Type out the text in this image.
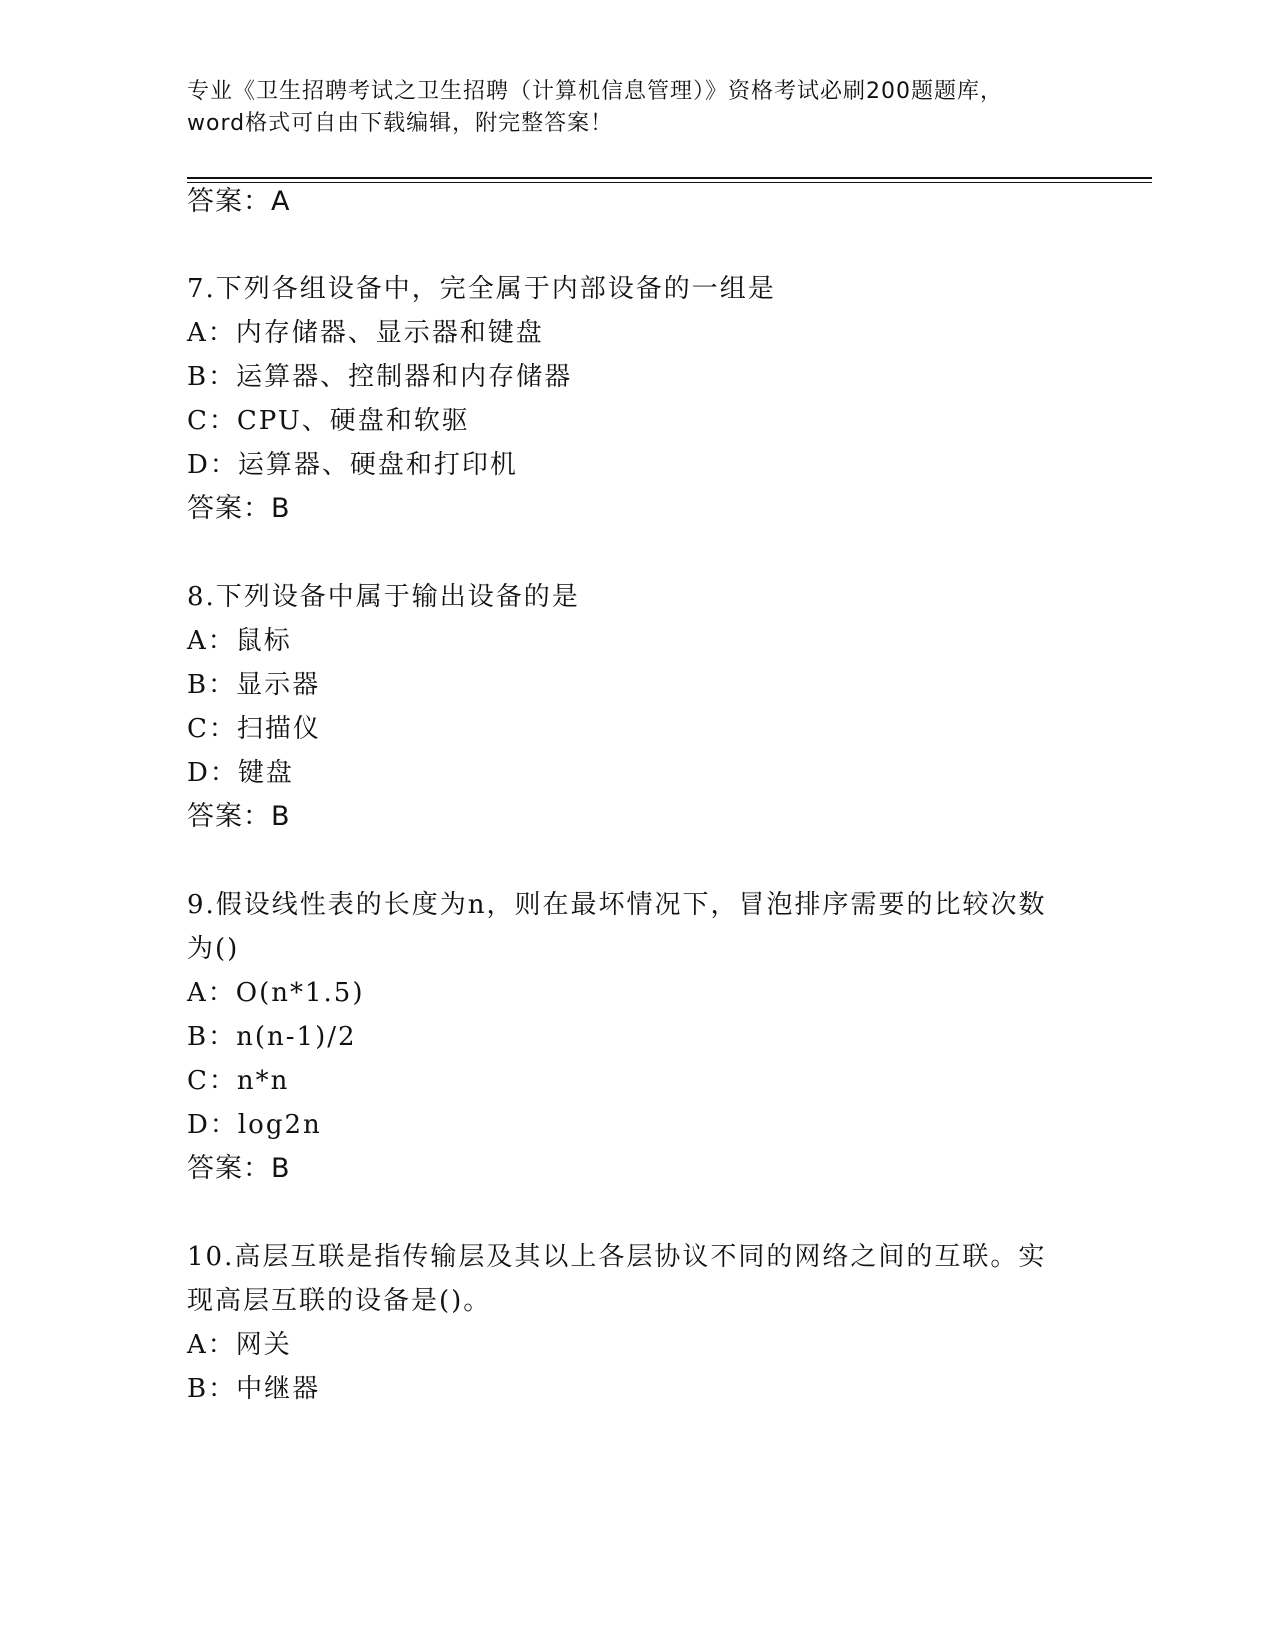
专业《卫生招聘考试之卫生招聘（计算机信息管理）》资格考试必刷200题题库，
word格式可自由下载编辑，附完整答案！
答案：A
7.下列各组设备中，完全属于内部设备的一组是
A：内存储器、显示器和键盘
B：运算器、控制器和内存储器
C：CPU、硬盘和软驱
D：运算器、硬盘和打印机
答案：B
8.下列设备中属于输出设备的是
A：鼠标
B：显示器
C：扫描仪
D：键盘
答案：B
9.假设线性表的长度为n，则在最坏情况下，冒泡排序需要的比较次数
为()
A：O(n*1.5)
B：n(n-1)/2
C：n*n
D：log2n
答案：B
10.高层互联是指传输层及其以上各层协议不同的网络之间的互联。实
现高层互联的设备是()。
A：网关
B：中继器
